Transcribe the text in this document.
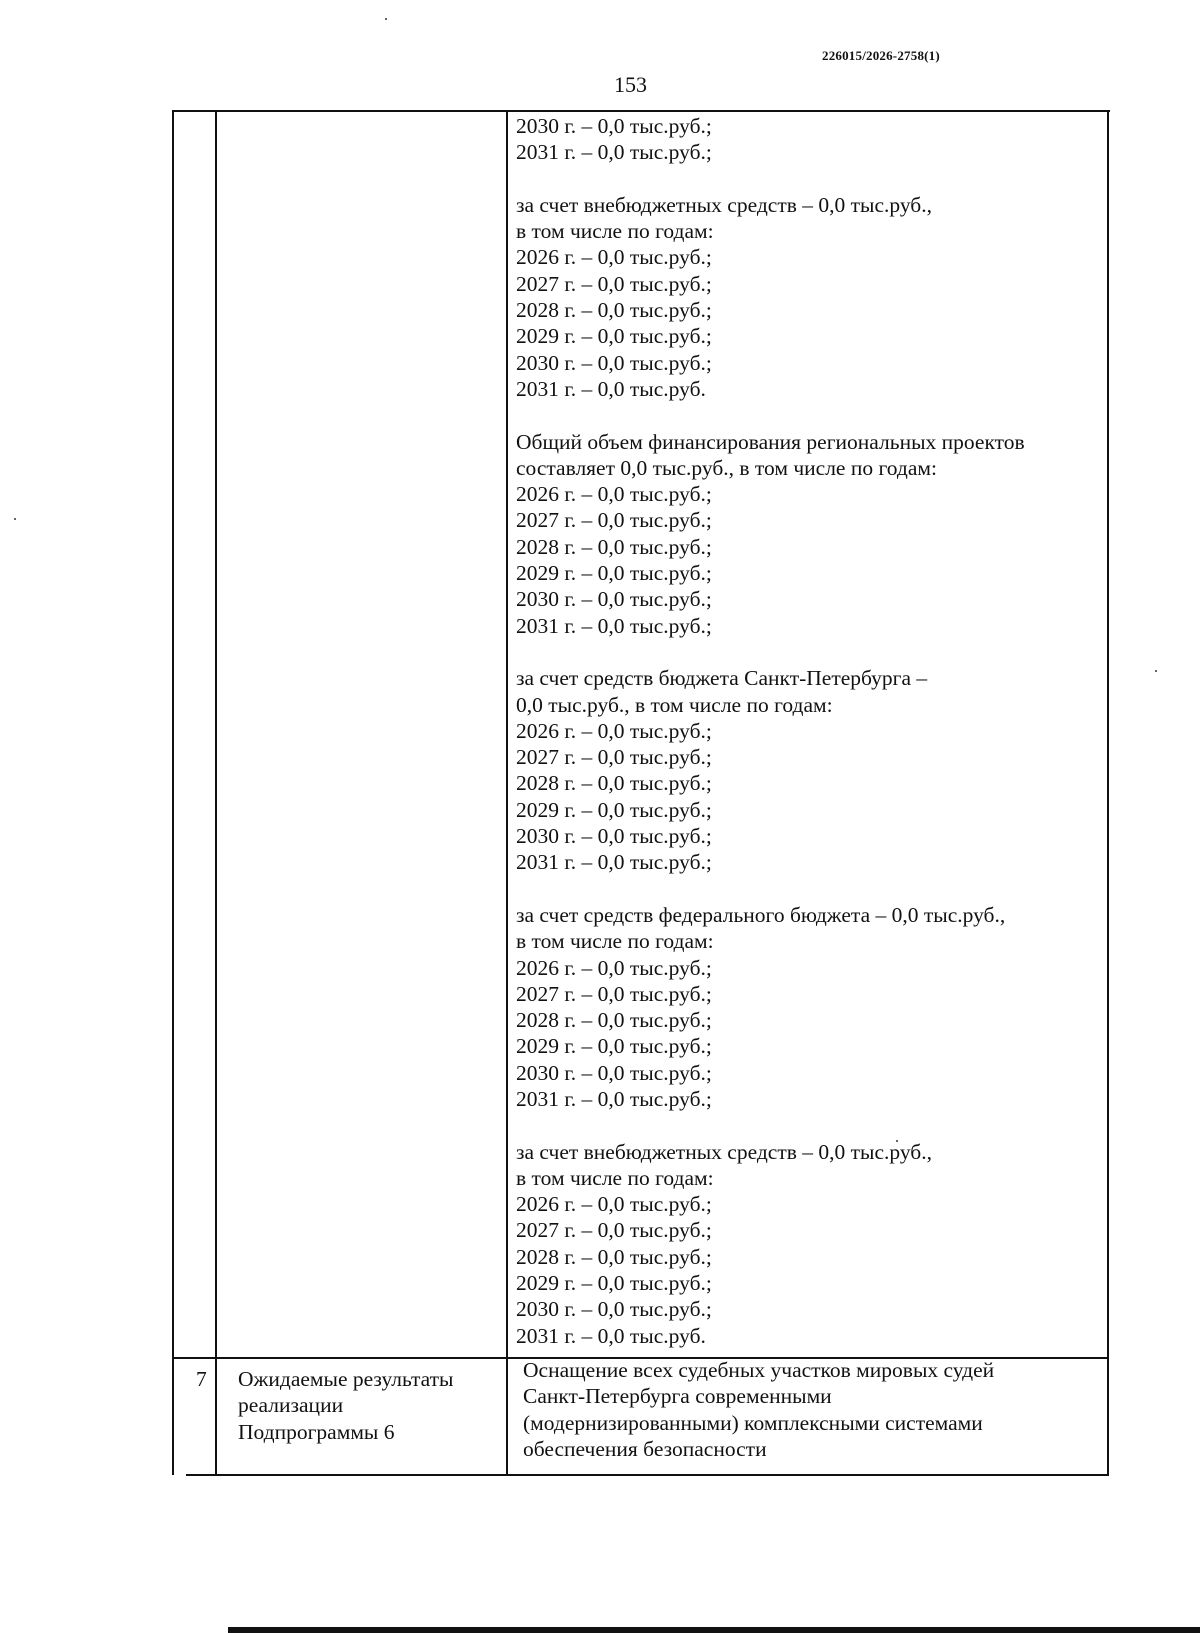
226015/2026-2758(1)
153
2030 г. – 0,0 тыс.руб.;
2031 г. – 0,0 тыс.руб.;
за счет внебюджетных средств – 0,0 тыс.руб.,
в том числе по годам:
2026 г. – 0,0 тыс.руб.;
2027 г. – 0,0 тыс.руб.;
2028 г. – 0,0 тыс.руб.;
2029 г. – 0,0 тыс.руб.;
2030 г. – 0,0 тыс.руб.;
2031 г. – 0,0 тыс.руб.
Общий объем финансирования региональных проектов
составляет 0,0 тыс.руб., в том числе по годам:
2026 г. – 0,0 тыс.руб.;
2027 г. – 0,0 тыс.руб.;
2028 г. – 0,0 тыс.руб.;
2029 г. – 0,0 тыс.руб.;
2030 г. – 0,0 тыс.руб.;
2031 г. – 0,0 тыс.руб.;
за счет средств бюджета Санкт-Петербурга –
0,0 тыс.руб., в том числе по годам:
2026 г. – 0,0 тыс.руб.;
2027 г. – 0,0 тыс.руб.;
2028 г. – 0,0 тыс.руб.;
2029 г. – 0,0 тыс.руб.;
2030 г. – 0,0 тыс.руб.;
2031 г. – 0,0 тыс.руб.;
за счет средств федерального бюджета – 0,0 тыс.руб.,
в том числе по годам:
2026 г. – 0,0 тыс.руб.;
2027 г. – 0,0 тыс.руб.;
2028 г. – 0,0 тыс.руб.;
2029 г. – 0,0 тыс.руб.;
2030 г. – 0,0 тыс.руб.;
2031 г. – 0,0 тыс.руб.;
за счет внебюджетных средств – 0,0 тыс.руб.,
в том числе по годам:
2026 г. – 0,0 тыс.руб.;
2027 г. – 0,0 тыс.руб.;
2028 г. – 0,0 тыс.руб.;
2029 г. – 0,0 тыс.руб.;
2030 г. – 0,0 тыс.руб.;
2031 г. – 0,0 тыс.руб.
7 Ожидаемые результаты
реализации
Подпрограммы 6
Оснащение всех судебных участков мировых судей
Санкт-Петербурга современными
(модернизированными) комплексными системами
обеспечения безопасности
